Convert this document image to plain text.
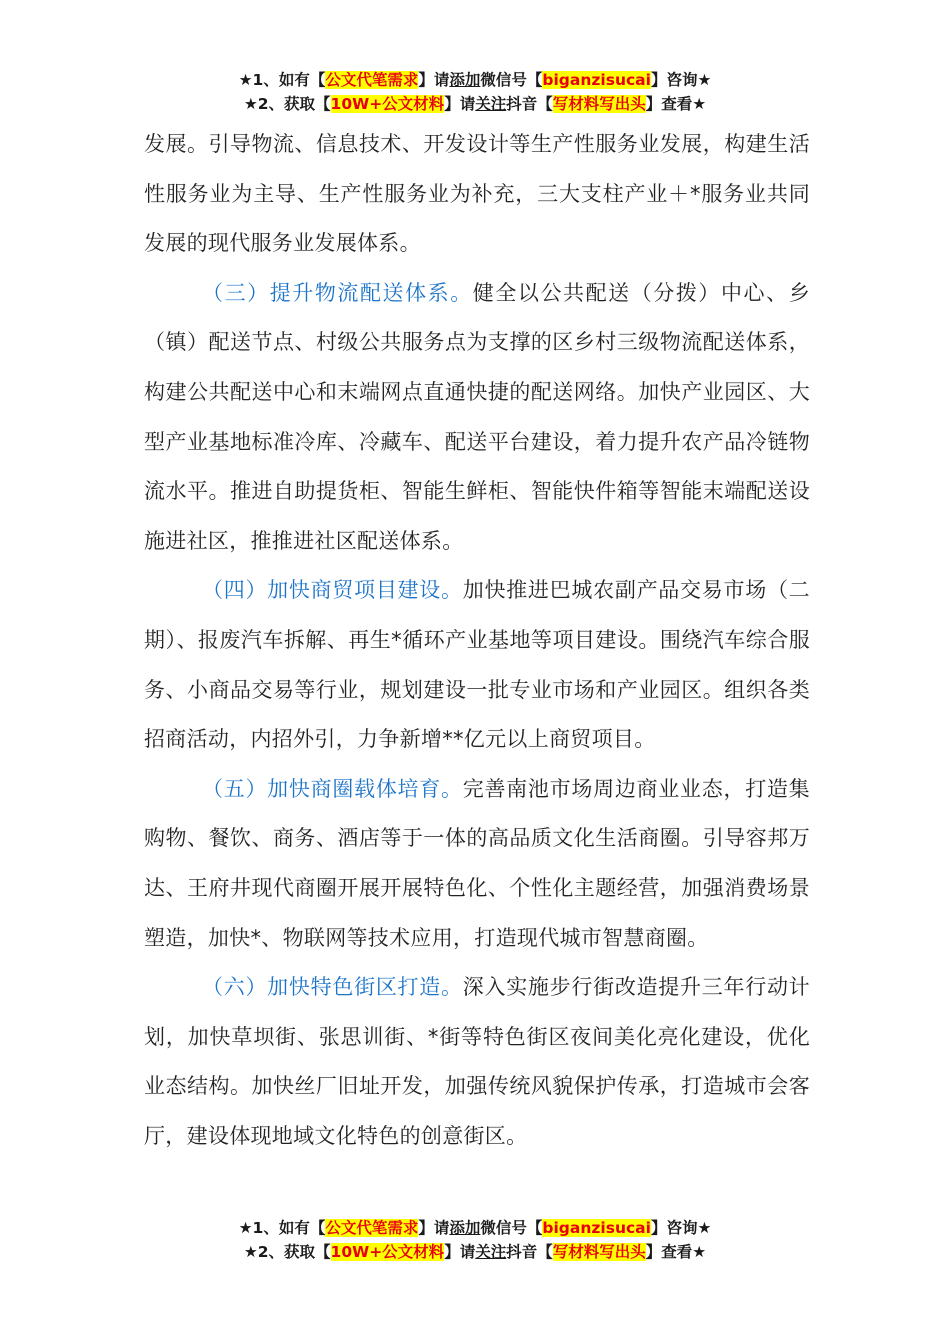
★1、如有【公文代笔需求】请添加微信号【biganzisucai】咨询★
★2、获取【10W+公文材料】请关注抖音【写材料写出头】查看★

发展。引导物流、信息技术、开发设计等生产性服务业发展，构建生活性服务业为主导、生产性服务业为补充，三大支柱产业＋*服务业共同发展的现代服务业发展体系。

（三）提升物流配送体系。健全以公共配送（分拨）中心、乡（镇）配送节点、村级公共服务点为支撑的区乡村三级物流配送体系，构建公共配送中心和末端网点直通快捷的配送网络。加快产业园区、大型产业基地标准冷库、冷藏车、配送平台建设，着力提升农产品冷链物流水平。推进自助提货柜、智能生鲜柜、智能快件箱等智能末端配送设施进社区，推推进社区配送体系。

（四）加快商贸项目建设。加快推进巴城农副产品交易市场（二期）、报废汽车拆解、再生*循环产业基地等项目建设。围绕汽车综合服务、小商品交易等行业，规划建设一批专业市场和产业园区。组织各类招商活动，内招外引，力争新增**亿元以上商贸项目。

（五）加快商圈载体培育。完善南池市场周边商业业态，打造集购物、餐饮、商务、酒店等于一体的高品质文化生活商圈。引导容邦万达、王府井现代商圈开展开展特色化、个性化主题经营，加强消费场景塑造，加快*、物联网等技术应用，打造现代城市智慧商圈。

（六）加快特色街区打造。深入实施步行街改造提升三年行动计划，加快草坝街、张思训街、*街等特色街区夜间美化亮化建设，优化业态结构。加快丝厂旧址开发，加强传统风貌保护传承，打造城市会客厅，建设体现地域文化特色的创意街区。

★1、如有【公文代笔需求】请添加微信号【biganzisucai】咨询★
★2、获取【10W+公文材料】请关注抖音【写材料写出头】查看★
